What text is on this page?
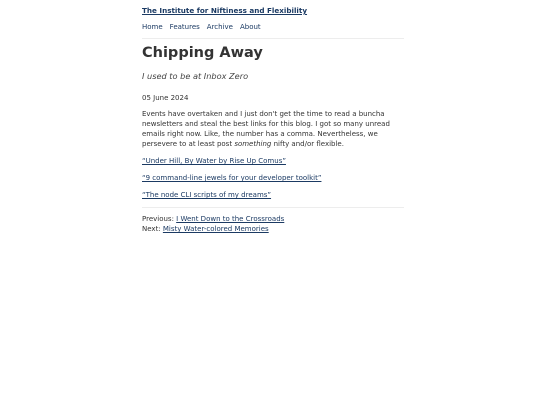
The Institute for Niftiness and Flexibility
Home Features Archive About
Chipping Away
I used to be at Inbox Zero
05 June 2024

Events have overtaken and I just don't get the time to read a buncha newsletters and steal the best links for this blog. I got so many unread emails right now. Like, the number has a comma. Nevertheless, we persevere to at least post something nifty and/or flexible.

“Under Hill, By Water by Rise Up Comus”
“9 command-line jewels for your developer toolkit”
“The node CLI scripts of my dreams”
Previous: I Went Down to the Crossroads
Next: Misty Water-colored Memories
